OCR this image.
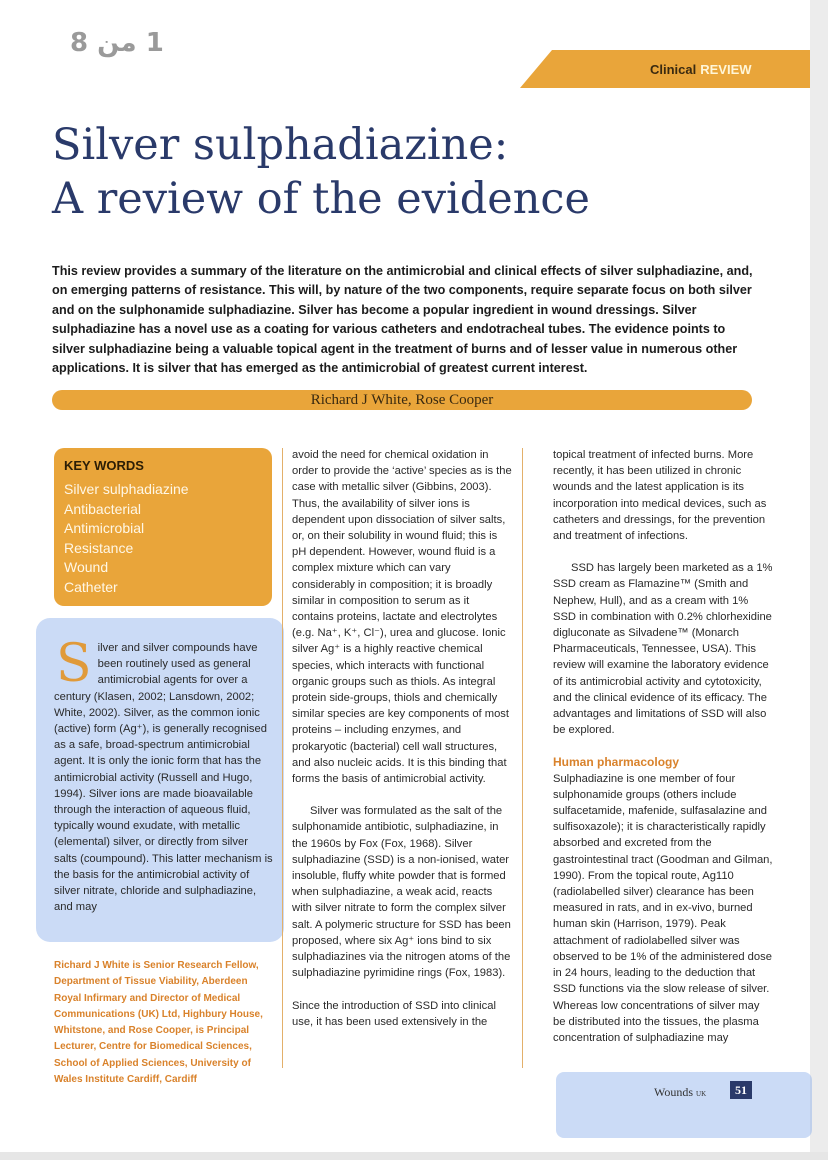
1 من 8
Clinical REVIEW
Silver sulphadiazine:
A review of the evidence

This review provides a summary of the literature on the antimicrobial and clinical effects of silver sulphadiazine, and, on emerging patterns of resistance. This will, by nature of the two components, require separate focus on both silver and on the sulphonamide sulphadiazine. Silver has become a popular ingredient in wound dressings. Silver sulphadiazine has a novel use as a coating for various catheters and endotracheal tubes. The evidence points to silver sulphadiazine being a valuable topical agent in the treatment of burns and of lesser value in numerous other applications. It is silver that has emerged as the antimicrobial of greatest current interest.

Richard J White, Rose Cooper
KEY WORDS
Silver sulphadiazine
Antibacterial
Antimicrobial
Resistance
Wound
Catheter

Silver and silver compounds have been routinely used as general antimicrobial agents for over a century (Klasen, 2002; Lansdown, 2002; White, 2002). Silver, as the common ionic (active) form (Ag⁺), is generally recognised as a safe, broad-spectrum antimicrobial agent. It is only the ionic form that has the antimicrobial activity (Russell and Hugo, 1994). Silver ions are made bioavailable through the interaction of aqueous fluid, typically wound exudate, with metallic (elemental) silver, or directly from silver salts (coumpound). This latter mechanism is the basis for the antimicrobial activity of silver nitrate, chloride and sulphadiazine, and may

Richard J White is Senior Research Fellow, Department of Tissue Viability, Aberdeen Royal Infirmary and Director of Medical Communications (UK) Ltd, Highbury House, Whitstone, and Rose Cooper, is Principal Lecturer, Centre for Biomedical Sciences, School of Applied Sciences, University of Wales Institute Cardiff, Cardiff

avoid the need for chemical oxidation in order to provide the ‘active’ species as is the case with metallic silver (Gibbins, 2003). Thus, the availability of silver ions is dependent upon dissociation of silver salts, or, on their solubility in wound fluid; this is pH dependent. However, wound fluid is a complex mixture which can vary considerably in composition; it is broadly similar in composition to serum as it contains proteins, lactate and electrolytes (e.g. Na⁺, K⁺, Cl⁻), urea and glucose. Ionic silver Ag⁺ is a highly reactive chemical species, which interacts with functional organic groups such as thiols. As integral protein side-groups, thiols and chemically similar species are key components of most proteins – including enzymes, and prokaryotic (bacterial) cell wall structures, and also nucleic acids. It is this binding that forms the basis of antimicrobial activity.

Silver was formulated as the salt of the sulphonamide antibiotic, sulphadiazine, in the 1960s by Fox (Fox, 1968). Silver sulphadiazine (SSD) is a non-ionised, water insoluble, fluffy white powder that is formed when sulphadiazine, a weak acid, reacts with silver nitrate to form the complex silver salt. A polymeric structure for SSD has been proposed, where six Ag⁺ ions bind to six sulphadiazines via the nitrogen atoms of the sulphadiazine pyrimidine rings (Fox, 1983).

Since the introduction of SSD into clinical use, it has been used extensively in the

topical treatment of infected burns. More recently, it has been utilized in chronic wounds and the latest application is its incorporation into medical devices, such as catheters and dressings, for the prevention and treatment of infections.

SSD has largely been marketed as a 1% SSD cream as Flamazine™ (Smith and Nephew, Hull), and as a cream with 1% SSD in combination with 0.2% chlorhexidine digluconate as Silvadene™ (Monarch Pharmaceuticals, Tennessee, USA). This review will examine the laboratory evidence of its antimicrobial activity and cytotoxicity, and the clinical evidence of its efficacy. The advantages and limitations of SSD will also be explored.

Human pharmacology

Sulphadiazine is one member of four sulphonamide groups (others include sulfacetamide, mafenide, sulfasalazine and sulfisoxazole); it is characteristically rapidly absorbed and excreted from the gastrointestinal tract (Goodman and Gilman, 1990). From the topical route, Ag110 (radiolabelled silver) clearance has been measured in rats, and in ex-vivo, burned human skin (Harrison, 1979). Peak attachment of radiolabelled silver was observed to be 1% of the administered dose in 24 hours, leading to the deduction that SSD functions via the slow release of silver. Whereas low concentrations of silver may be distributed into the tissues, the plasma concentration of sulphadiazine may

Wounds UK	51
